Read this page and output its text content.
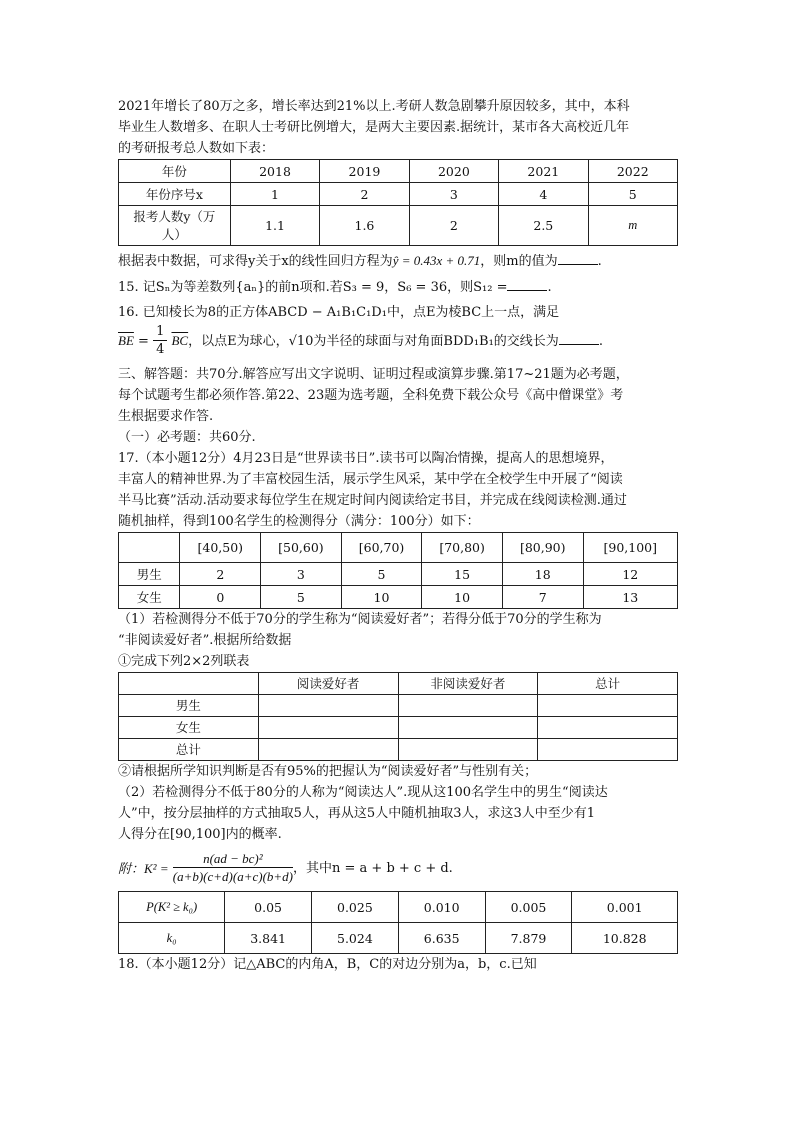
2021年增长了80万之多，增长率达到21%以上.考研人数急剧攀升原因较多，其中，本科

毕业生人数增多、在职人士考研比例增大，是两大主要因素.据统计，某市各大高校近几年

的考研报考总人数如下表：

年份	2018	2019	2020	2021	2022
年份序号x	1	2	3	4	5
报考人数y（万
人）	1.1	1.6	2	2.5	m

根据表中数据，可求得y关于x的线性回归方程为ŷ = 0.43x + 0.71，则m的值为	.

15. 记Sₙ为等差数列{aₙ}的前n项和.若S₃ = 9，S₆ = 36，则S₁₂ =	.

16. 已知棱长为8的正方体ABCD − A₁B₁C₁D₁中，点E为棱BC上一点，满足

$\overline{BE} = \frac{1}{4} \overline{BC}$，以点E为球心，√10为半径的球面与对角面BDD₁B₁的交线长为	.

三、解答题：共70分.解答应写出文字说明、证明过程或演算步骤.第17~21题为必考题，

每个试题考生都必须作答.第22、23题为选考题，全科免费下载公众号《高中僧课堂》考

生根据要求作答.

（一）必考题：共60分.

17.（本小题12分）4月23日是“世界读书日”.读书可以陶冶情操，提高人的思想境界，

丰富人的精神世界.为了丰富校园生活，展示学生风采，某中学在全校学生中开展了“阅读

半马比赛”活动.活动要求每位学生在规定时间内阅读给定书目，并完成在线阅读检测.通过

随机抽样，得到100名学生的检测得分（满分：100分）如下：

	[40,50)	[50,60)	[60,70)	[70,80)	[80,90)	[90,100]
男生	2	3	5	15	18	12
女生	0	5	10	10	7	13

（1）若检测得分不低于70分的学生称为“阅读爱好者”；若得分低于70分的学生称为

“非阅读爱好者”.根据所给数据

①完成下列2×2列联表

	阅读爱好者	非阅读爱好者	总计
男生			
女生			
总计			

②请根据所学知识判断是否有95%的把握认为“阅读爱好者”与性别有关；

（2）若检测得分不低于80分的人称为“阅读达人”.现从这100名学生中的男生“阅读达

人”中，按分层抽样的方式抽取5人，再从这5人中随机抽取3人，求这3人中至少有1

人得分在[90,100]内的概率.

附：K² =
$\frac{\text{n(ad − bc)²}}{(a+b)(c+d)(a+c)(b+d)}$ ，其中n = a + b + c + d.
P(K² ≥ k₀)	0.05	0.025	0.010	0.005	0.001
k₀	3.841	5.024	6.635	7.879	10.828

18.（本小题12分）记△ABC的内角A，B，C的对边分别为a，b，c.已知
